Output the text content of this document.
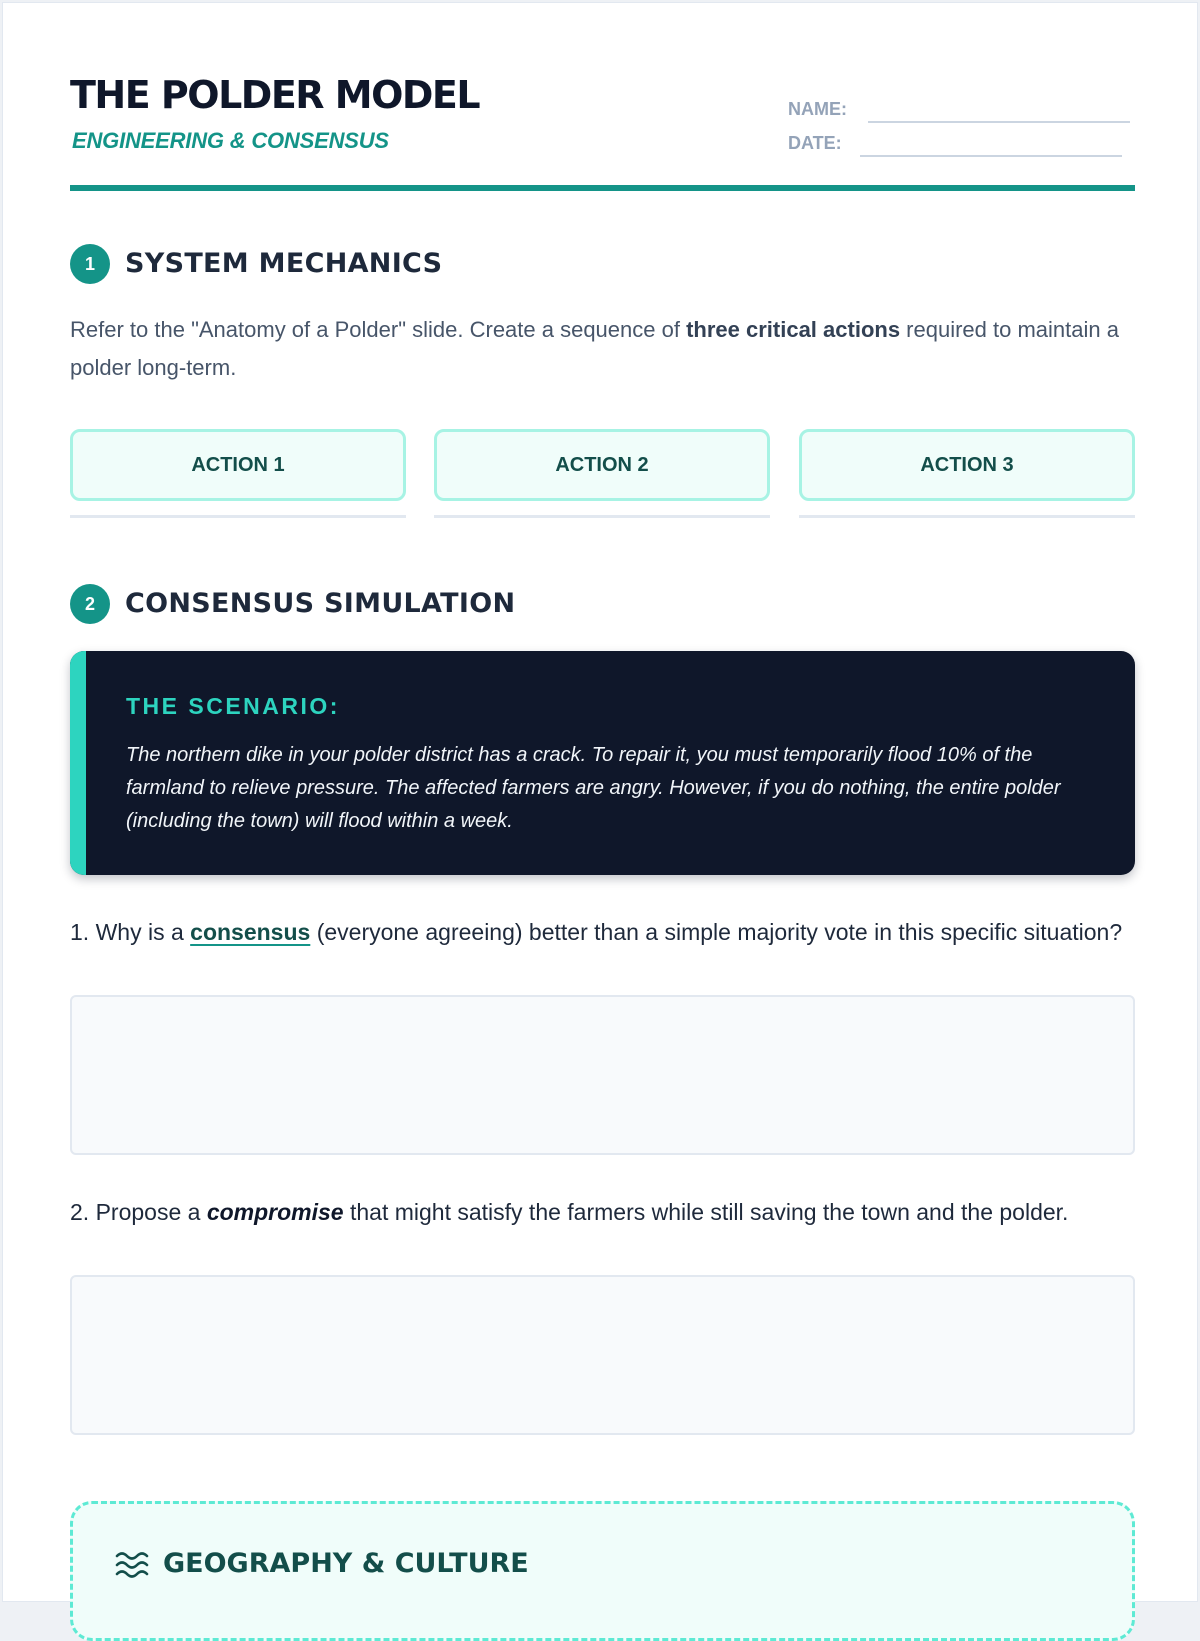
THE POLDER MODEL
ENGINEERING & CONSENSUS
NAME:
DATE:
1	SYSTEM MECHANICS
Refer to the "Anatomy of a Polder" slide. Create a sequence of three critical actions required to maintain a polder long-term.
ACTION 1	ACTION 2	ACTION 3
2	CONSENSUS SIMULATION
THE SCENARIO:
The northern dike in your polder district has a crack. To repair it, you must temporarily flood 10% of the farmland to relieve pressure. The affected farmers are angry. However, if you do nothing, the entire polder (including the town) will flood within a week.
1. Why is a consensus (everyone agreeing) better than a simple majority vote in this specific situation?
2. Propose a compromise that might satisfy the farmers while still saving the town and the polder.
GEOGRAPHY & CULTURE
